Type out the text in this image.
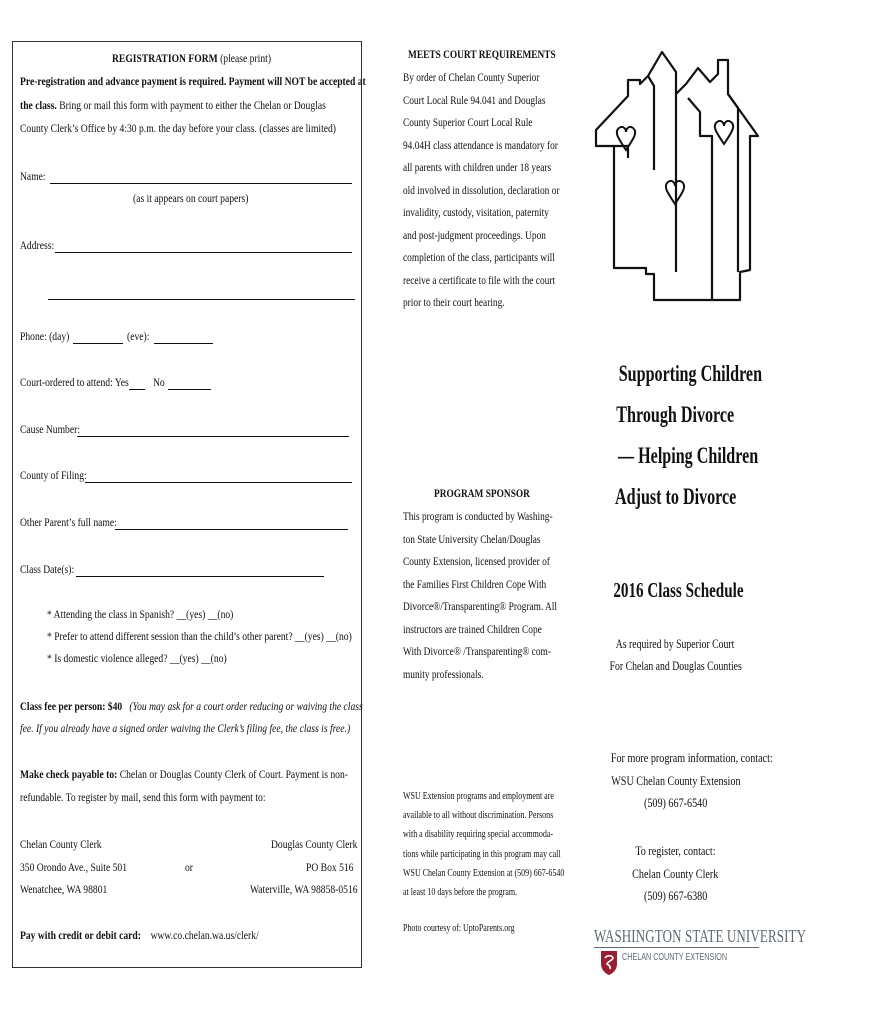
REGISTRATION FORM (please print)
Pre-registration and advance payment is required. Payment will NOT be accepted at
the class. Bring or mail this form with payment to either the Chelan or Douglas
County Clerk’s Office by 4:30 p.m. the day before your class. (classes are limited)
Name:
(as it appears on court papers)
Address:
Phone: (day)	(eve):
Court-ordered to attend: Yes	No
Cause Number:
County of Filing:
Other Parent’s full name:
Class Date(s):
* Attending the class in Spanish? __(yes) __(no)
* Prefer to attend different session than the child’s other parent? __(yes) __(no)
* Is domestic violence alleged? __(yes) __(no)
Class fee per person: $40 (You may ask for a court order reducing or waiving the class
fee. If you already have a signed order waiving the Clerk’s filing fee, the class is free.)
Make check payable to: Chelan or Douglas County Clerk of Court. Payment is non-
refundable. To register by mail, send this form with payment to:
Chelan County Clerk
350 Orondo Ave., Suite 501
Wenatchee, WA 98801
or
Douglas County Clerk
PO Box 516
Waterville, WA 98858-0516
Pay with credit or debit card: www.co.chelan.wa.us/clerk/
MEETS COURT REQUIREMENTS
By order of Chelan County Superior
Court Local Rule 94.041 and Douglas
County Superior Court Local Rule
94.04H class attendance is mandatory for
all parents with children under 18 years
old involved in dissolution, declaration or
invalidity, custody, visitation, paternity
and post-judgment proceedings. Upon
completion of the class, participants will
receive a certificate to file with the court
prior to their court hearing.
PROGRAM SPONSOR
This program is conducted by Washing-
ton State University Chelan/Douglas
County Extension, licensed provider of
the Families First Children Cope With
Divorce®/Transparenting® Program. All
instructors are trained Children Cope
With Divorce® /Transparenting® com-
munity professionals.
WSU Extension programs and employment are
available to all without discrimination. Persons
with a disability requiring special accommoda-
tions while participating in this program may call
WSU Chelan County Extension at (509) 667-6540
at least 10 days before the program.
Photo courtesy of: UptoParents.org
Supporting Children
Through Divorce
— Helping Children
Adjust to Divorce
2016 Class Schedule
As required by Superior Court
For Chelan and Douglas Counties
For more program information, contact:
WSU Chelan County Extension
(509) 667-6540
To register, contact:
Chelan County Clerk
(509) 667-6380
WASHINGTON STATE UNIVERSITY
CHELAN COUNTY EXTENSION
